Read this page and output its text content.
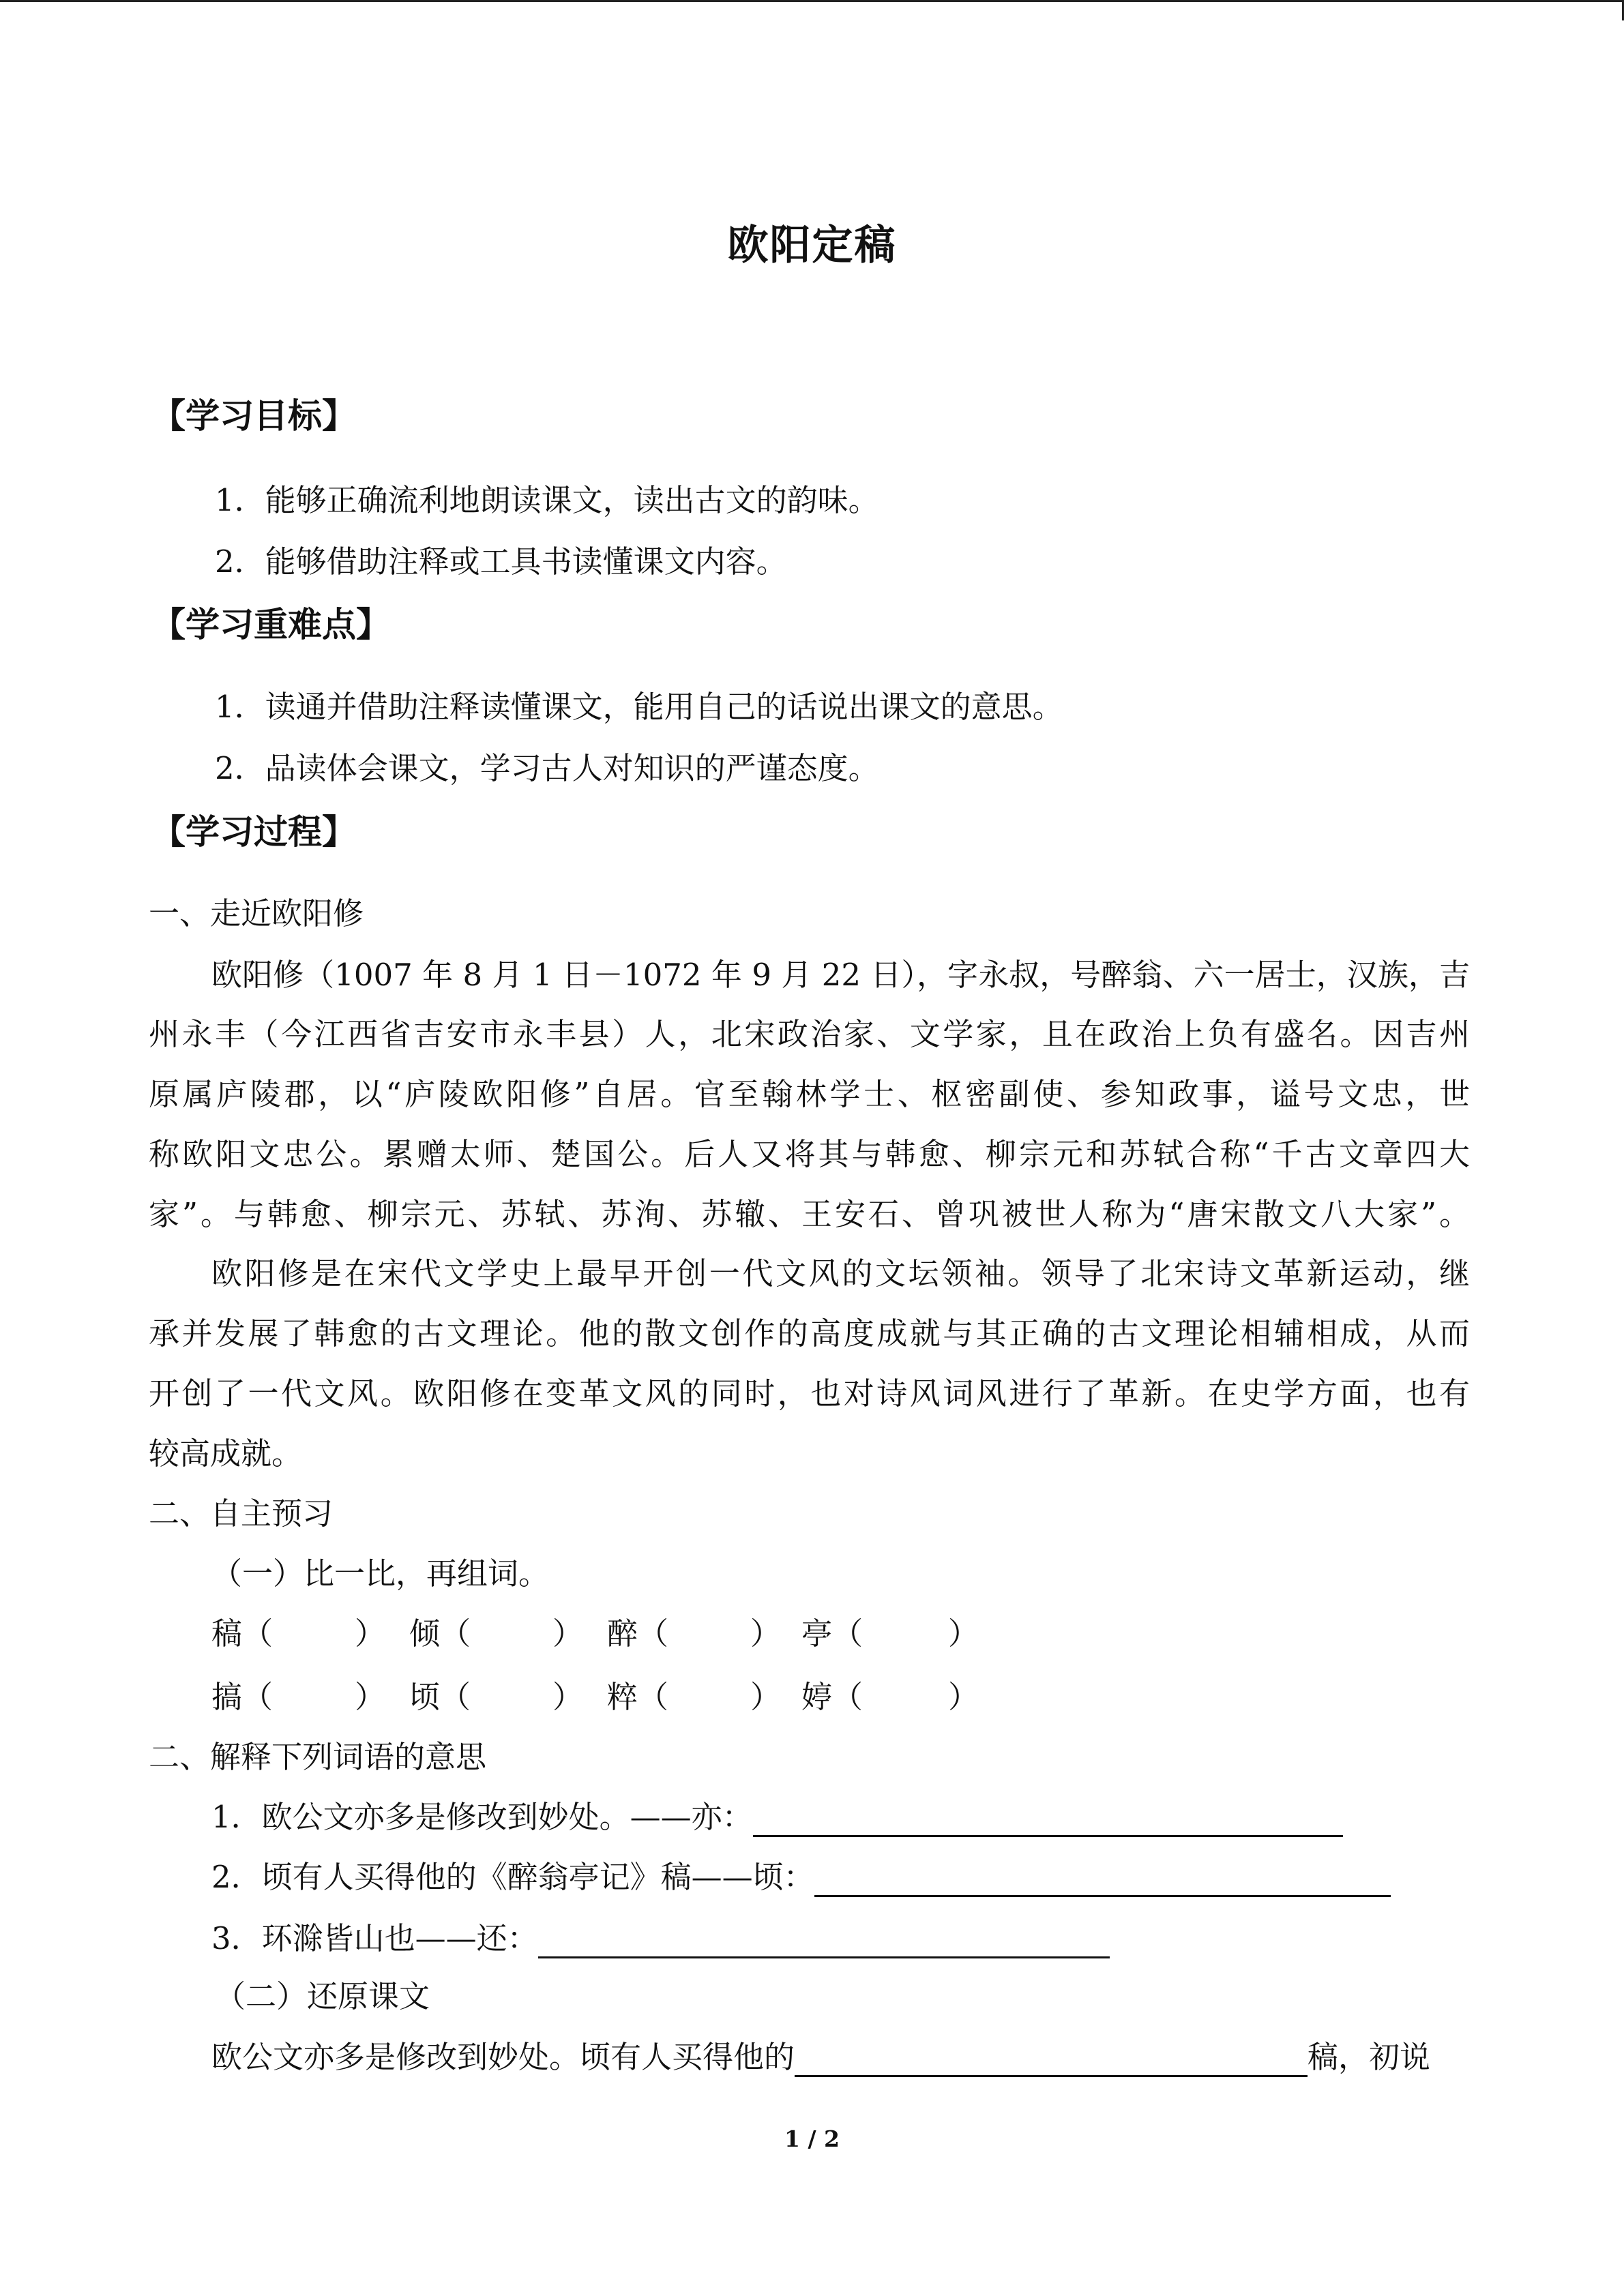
欧阳定稿
【学习目标】
1．能够正确流利地朗读课文，读出古文的韵味。
2．能够借助注释或工具书读懂课文内容。
【学习重难点】
1．读通并借助注释读懂课文，能用自己的话说出课文的意思。
2．品读体会课文，学习古人对知识的严谨态度。
【学习过程】
一、走近欧阳修
欧阳修（1007 年 8 月 1 日－1072 年 9 月 22 日），字永叔，号醉翁、六一居士，汉族，吉
州永丰（今江西省吉安市永丰县）人，北宋政治家、文学家，且在政治上负有盛名。因吉州
原属庐陵郡，以“庐陵欧阳修”自居。官至翰林学士、枢密副使、参知政事，谥号文忠，世
称欧阳文忠公。累赠太师、楚国公。后人又将其与韩愈、柳宗元和苏轼合称“千古文章四大
家”。与韩愈、柳宗元、苏轼、苏洵、苏辙、王安石、曾巩被世人称为“唐宋散文八大家”。
欧阳修是在宋代文学史上最早开创一代文风的文坛领袖。领导了北宋诗文革新运动，继
承并发展了韩愈的古文理论。他的散文创作的高度成就与其正确的古文理论相辅相成，从而
开创了一代文风。欧阳修在变革文风的同时，也对诗风词风进行了革新。在史学方面，也有
较高成就。
二、自主预习
（一）比一比，再组词。
稿（	） 倾（	） 醉（	） 亭（	）
搞（	） 顷（	） 粹（	） 婷（	）
二、解释下列词语的意思
1．欧公文亦多是修改到妙处。——亦：
2．顷有人买得他的《醉翁亭记》稿——顷：
3．环滁皆山也——还：
（二）还原课文
欧公文亦多是修改到妙处。顷有人买得他的	稿，初说
1 / 2
